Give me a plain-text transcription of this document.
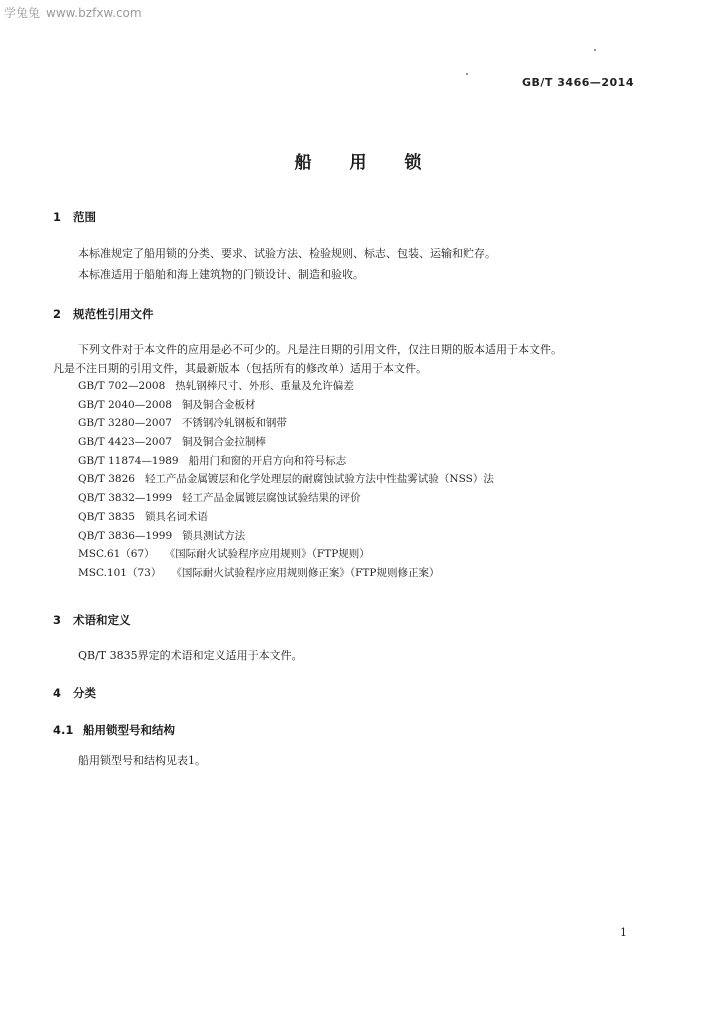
学兔兔 www.bzfxw.com
GB/T 3466—2014
船 用 锁
1 范围
本标准规定了船用锁的分类、要求、试验方法、检验规则、标志、包装、运输和贮存。
本标准适用于船舶和海上建筑物的门锁设计、制造和验收。
2 规范性引用文件
下列文件对于本文件的应用是必不可少的。凡是注日期的引用文件，仅注日期的版本适用于本文件。
凡是不注日期的引用文件，其最新版本（包括所有的修改单）适用于本文件。
GB/T 702—2008 热轧钢棒尺寸、外形、重量及允许偏差
GB/T 2040—2008 铜及铜合金板材
GB/T 3280—2007 不锈钢冷轧钢板和钢带
GB/T 4423—2007 铜及铜合金拉制棒
GB/T 11874—1989 船用门和窗的开启方向和符号标志
QB/T 3826 轻工产品金属镀层和化学处理层的耐腐蚀试验方法中性盐雾试验（NSS）法
QB/T 3832—1999 轻工产品金属镀层腐蚀试验结果的评价
QB/T 3835 锁具名词术语
QB/T 3836—1999 锁具测试方法
MSC.61（67） 《国际耐火试验程序应用规则》（FTP规则）
MSC.101（73） 《国际耐火试验程序应用规则修正案》（FTP规则修正案）
3 术语和定义
QB/T 3835界定的术语和定义适用于本文件。
4 分类
4.1 船用锁型号和结构
船用锁型号和结构见表1。
1
